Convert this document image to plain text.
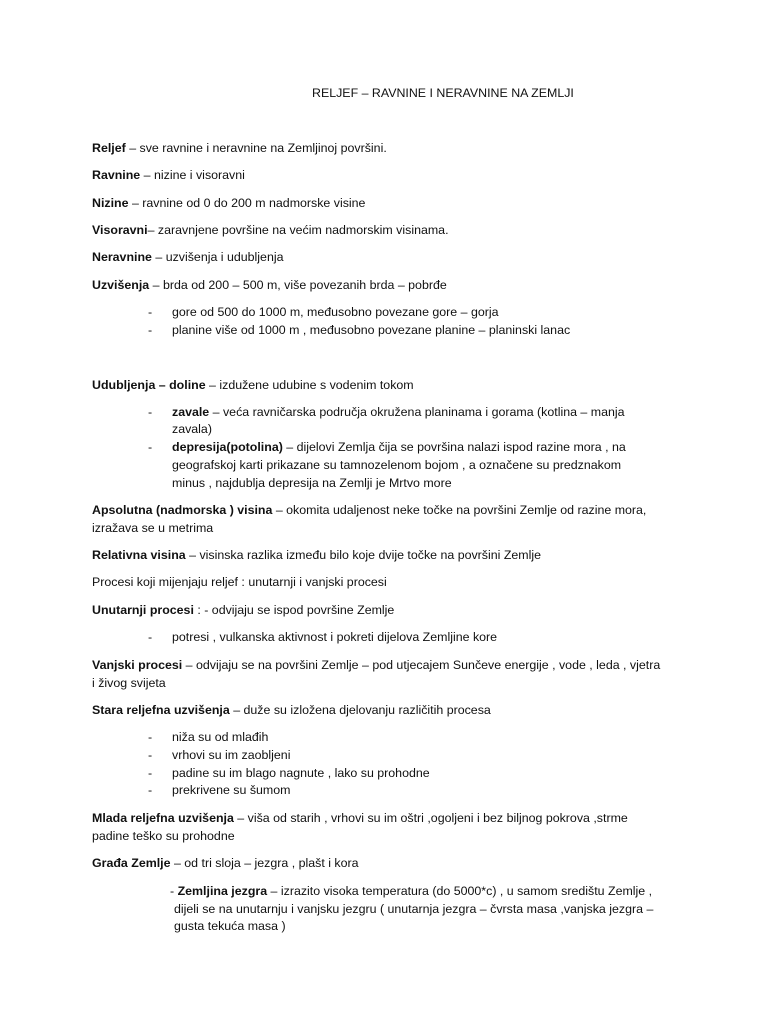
RELJEF – RAVNINE I NERAVNINE NA ZEMLJI
Reljef – sve ravnine i neravnine na Zemljinoj površini.
Ravnine – nizine i visoravni
Nizine – ravnine od 0 do 200 m nadmorske visine
Visoravni– zaravnjene površine na većim nadmorskim visinama.
Neravnine – uzvišenja i udubljenja
Uzvišenja – brda od 200 – 500 m, više povezanih brda – pobrđe
- gore od 500 do 1000 m, međusobno povezane gore – gorja
- planine više od 1000 m , međusobno povezane planine – planinski lanac
Udubljenja – doline – izdužene udubine s vodenim tokom
- zavale – veća ravničarska područja okružena planinama i gorama (kotlina – manja
zavala)
- depresija(potolina) – dijelovi Zemlja čija se površina nalazi ispod razine mora , na
geografskoj karti prikazane su tamnozelenom bojom , a označene su predznakom
minus , najdublja depresija na Zemlji je Mrtvo more
Apsolutna (nadmorska ) visina – okomita udaljenost neke točke na površini Zemlje od razine mora,
izražava se u metrima
Relativna visina – visinska razlika između bilo koje dvije točke na površini Zemlje
Procesi koji mijenjaju reljef : unutarnji i vanjski procesi
Unutarnji procesi : - odvijaju se ispod površine Zemlje
- potresi , vulkanska aktivnost i pokreti dijelova Zemljine kore
Vanjski procesi – odvijaju se na površini Zemlje – pod utjecajem Sunčeve energije , vode , leda , vjetra
i živog svijeta
Stara reljefna uzvišenja – duže su izložena djelovanju različitih procesa
- niža su od mlađih
- vrhovi su im zaobljeni
- padine su im blago nagnute , lako su prohodne
- prekrivene su šumom
Mlada reljefna uzvišenja – viša od starih , vrhovi su im oštri ,ogoljeni i bez biljnog pokrova ,strme
padine teško su prohodne
Građa Zemlje – od tri sloja – jezgra , plašt i kora
- Zemljina jezgra – izrazito visoka temperatura (do 5000*c) , u samom središtu Zemlje ,
dijeli se na unutarnju i vanjsku jezgru ( unutarnja jezgra – čvrsta masa ,vanjska jezgra –
gusta tekuća masa )
